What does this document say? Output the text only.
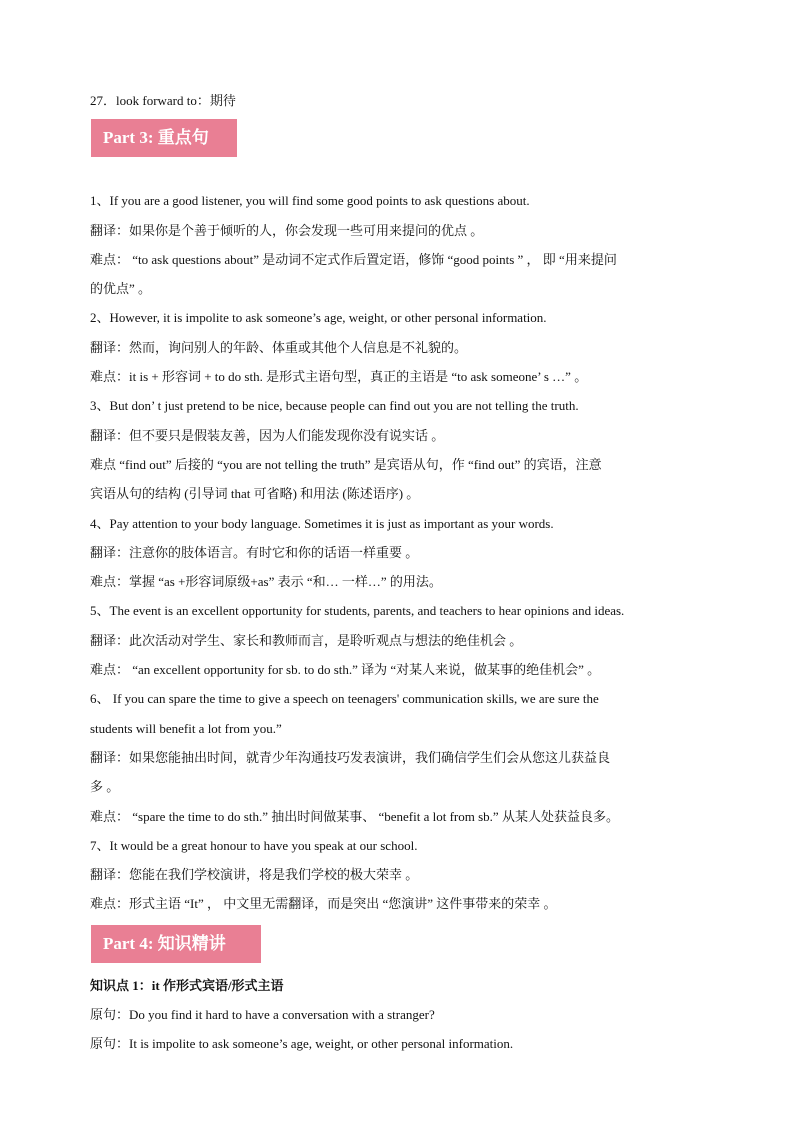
27．look forward to：期待
Part 3: 重点句子
1、If you are a good listener, you will find some good points to ask questions about.
翻译：如果你是个善于倾听的人，你会发现一些可用来提问的优点 。
难点： “to ask questions about” 是动词不定式作后置定语，修饰 “good points ” ， 即 “用来提问
的优点” 。
2、However, it is impolite to ask someone’s age, weight, or other personal information.
翻译：然而，询问别人的年龄、体重或其他个人信息是不礼貌的。
难点：it is + 形容词 + to do sth. 是形式主语句型，真正的主语是 “to ask someone’ s …” 。
3、But don’ t just pretend to be nice, because people can find out you are not telling the truth.
翻译：但不要只是假装友善，因为人们能发现你没有说实话 。
难点 “find out” 后接的 “you are not telling the truth” 是宾语从句，作 “find out” 的宾语，注意
宾语从句的结构 (引导词 that 可省略) 和用法 (陈述语序) 。
4、Pay attention to your body language. Sometimes it is just as important as your words.
翻译：注意你的肢体语言。有时它和你的话语一样重要 。
难点：掌握 “as +形容词原级+as” 表示 “和… 一样…” 的用法。
5、The event is an excellent opportunity for students, parents, and teachers to hear opinions and ideas.
翻译：此次活动对学生、家长和教师而言，是聆听观点与想法的绝佳机会 。
难点： “an excellent opportunity for sb. to do sth.” 译为 “对某人来说，做某事的绝佳机会” 。
6、 If you can spare the time to give a speech on teenagers' communication skills, we are sure the
students will benefit a lot from you.”
翻译：如果您能抽出时间，就青少年沟通技巧发表演讲，我们确信学生们会从您这儿获益良
多 。
难点： “spare the time to do sth.” 抽出时间做某事、 “benefit a lot from sb.” 从某人处获益良多。
7、It would be a great honour to have you speak at our school.
翻译：您能在我们学校演讲，将是我们学校的极大荣幸 。
难点：形式主语 “It” ， 中文里无需翻译，而是突出 “您演讲” 这件事带来的荣幸 。
Part 4: 知识精讲
知识点 1：it 作形式宾语/形式主语
原句：Do you find it hard to have a conversation with a stranger?
原句：It is impolite to ask someone’s age, weight, or other personal information.
